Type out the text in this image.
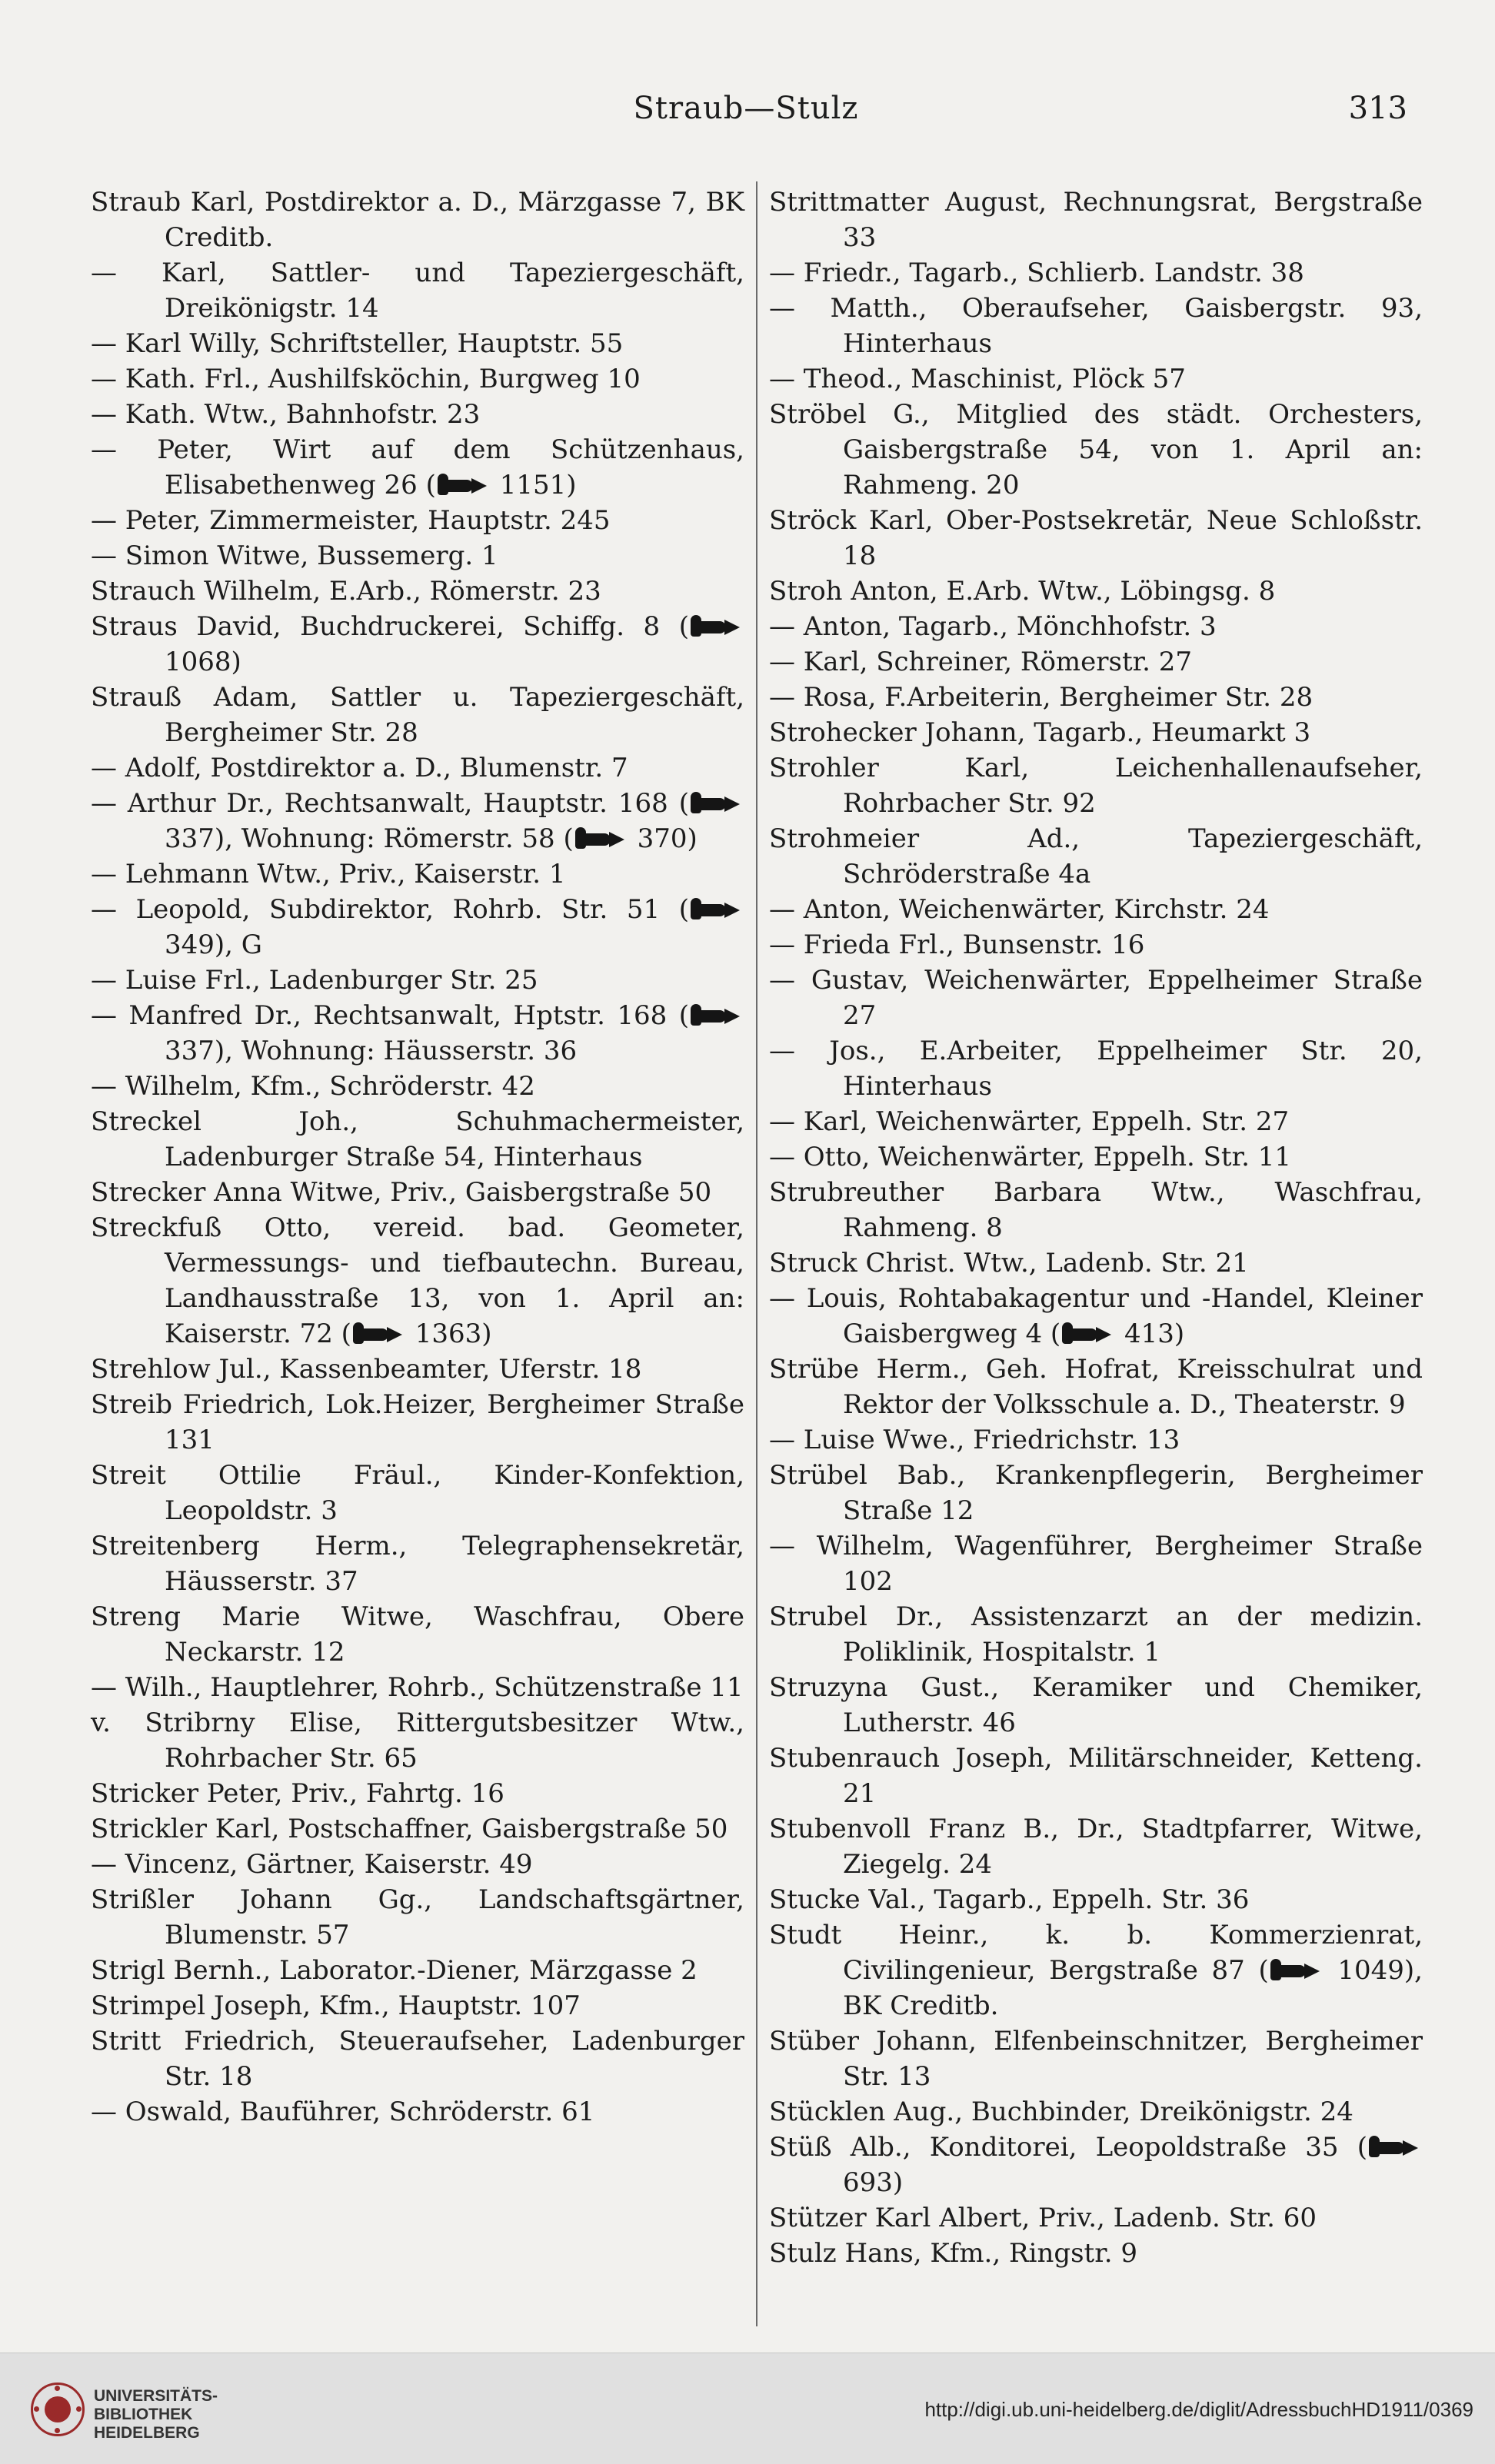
Straub—Stulz	313
Straub Karl, Postdirektor a. D., Märzgasse 7, BK Creditb.
— Karl, Sattler- und Tapeziergeschäft, Dreikönigstr. 14
— Karl Willy, Schriftsteller, Hauptstr. 55
— Kath. Frl., Aushilfsköchin, Burgweg 10
— Kath. Wtw., Bahnhofstr. 23
— Peter, Wirt auf dem Schützenhaus, Elisabethenweg 26 (
1151)
— Peter, Zimmermeister, Hauptstr. 245
— Simon Witwe, Bussemerg. 1
Strauch Wilhelm, E.Arb., Römerstr. 23
Straus David, Buchdruckerei, Schiffg. 8 (
1068)
Strauß Adam, Sattler u. Tapeziergeschäft, Bergheimer Str. 28
— Adolf, Postdirektor a. D., Blumenstr. 7
— Arthur Dr., Rechtsanwalt, Hauptstr. 168 (
337), Wohnung: Römerstr. 58 (
370)
— Lehmann Wtw., Priv., Kaiserstr. 1
— Leopold, Subdirektor, Rohrb. Str. 51 (
349), G
— Luise Frl., Ladenburger Str. 25
— Manfred Dr., Rechtsanwalt, Hptstr. 168 (
337), Wohnung: Häusserstr. 36
— Wilhelm, Kfm., Schröderstr. 42
Streckel Joh., Schuhmachermeister, Ladenburger Straße 54, Hinterhaus
Strecker Anna Witwe, Priv., Gaisbergstraße 50
Streckfuß Otto, vereid. bad. Geometer, Vermessungs- und tiefbautechn. Bureau, Landhausstraße 13, von 1. April an: Kaiserstr. 72 (
1363)
Strehlow Jul., Kassenbeamter, Uferstr. 18
Streib Friedrich, Lok.Heizer, Bergheimer Straße 131
Streit Ottilie Fräul., Kinder-Konfektion, Leopoldstr. 3
Streitenberg Herm., Telegraphensekretär, Häusserstr. 37
Streng Marie Witwe, Waschfrau, Obere Neckarstr. 12
— Wilh., Hauptlehrer, Rohrb., Schützenstraße 11
v. Stribrny Elise, Rittergutsbesitzer Wtw., Rohrbacher Str. 65
Stricker Peter, Priv., Fahrtg. 16
Strickler Karl, Postschaffner, Gaisbergstraße 50
— Vincenz, Gärtner, Kaiserstr. 49
Strißler Johann Gg., Landschaftsgärtner, Blumenstr. 57
Strigl Bernh., Laborator.-Diener, Märzgasse 2
Strimpel Joseph, Kfm., Hauptstr. 107
Stritt Friedrich, Steueraufseher, Ladenburger Str. 18
— Oswald, Bauführer, Schröderstr. 61
Strittmatter August, Rechnungsrat, Bergstraße 33
— Friedr., Tagarb., Schlierb. Landstr. 38
— Matth., Oberaufseher, Gaisbergstr. 93, Hinterhaus
— Theod., Maschinist, Plöck 57
Ströbel G., Mitglied des städt. Orchesters, Gaisbergstraße 54, von 1. April an: Rahmeng. 20
Ströck Karl, Ober-Postsekretär, Neue Schloßstr. 18
Stroh Anton, E.Arb. Wtw., Löbingsg. 8
— Anton, Tagarb., Mönchhofstr. 3
— Karl, Schreiner, Römerstr. 27
— Rosa, F.Arbeiterin, Bergheimer Str. 28
Strohecker Johann, Tagarb., Heumarkt 3
Strohler Karl, Leichenhallenaufseher, Rohrbacher Str. 92
Strohmeier Ad., Tapeziergeschäft, Schröderstraße 4a
— Anton, Weichenwärter, Kirchstr. 24
— Frieda Frl., Bunsenstr. 16
— Gustav, Weichenwärter, Eppelheimer Straße 27
— Jos., E.Arbeiter, Eppelheimer Str. 20, Hinterhaus
— Karl, Weichenwärter, Eppelh. Str. 27
— Otto, Weichenwärter, Eppelh. Str. 11
Strubreuther Barbara Wtw., Waschfrau, Rahmeng. 8
Struck Christ. Wtw., Ladenb. Str. 21
— Louis, Rohtabakagentur und -Handel, Kleiner Gaisbergweg 4 (
413)
Strübe Herm., Geh. Hofrat, Kreisschulrat und Rektor der Volksschule a. D., Theaterstr. 9
— Luise Wwe., Friedrichstr. 13
Strübel Bab., Krankenpflegerin, Bergheimer Straße 12
— Wilhelm, Wagenführer, Bergheimer Straße 102
Strubel Dr., Assistenzarzt an der medizin. Poliklinik, Hospitalstr. 1
Struzyna Gust., Keramiker und Chemiker, Lutherstr. 46
Stubenrauch Joseph, Militärschneider, Ketteng. 21
Stubenvoll Franz B., Dr., Stadtpfarrer, Witwe, Ziegelg. 24
Stucke Val., Tagarb., Eppelh. Str. 36
Studt Heinr., k. b. Kommerzienrat, Civilingenieur, Bergstraße 87 (
1049), BK Creditb.
Stüber Johann, Elfenbeinschnitzer, Bergheimer Str. 13
Stücklen Aug., Buchbinder, Dreikönigstr. 24
Stüß Alb., Konditorei, Leopoldstraße 35 (
693)
Stützer Karl Albert, Priv., Ladenb. Str. 60
Stulz Hans, Kfm., Ringstr. 9
UNIVERSITÄTS-
BIBLIOTHEK
HEIDELBERG
http://digi.ub.uni-heidelberg.de/diglit/AdressbuchHD1911/0369
